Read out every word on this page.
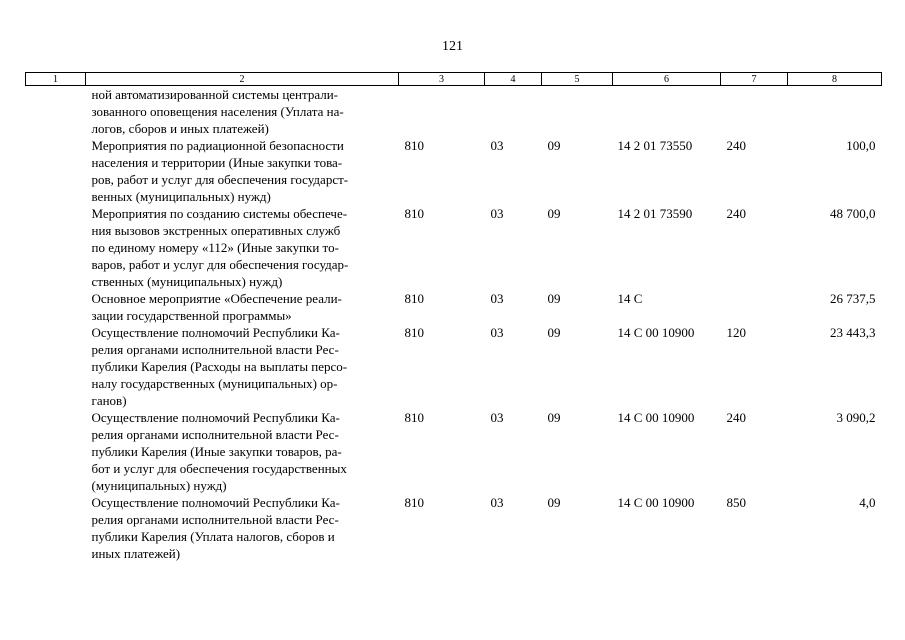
121
1	2	3	4	5	6	7	8

	ной автоматизированной системы централи-
зованного оповещения населения (Уплата на-
логов, сборов и иных платежей)						

	Мероприятия по радиационной безопасности
населения и территории (Иные закупки това-
ров, работ и услуг для обеспечения государст-
венных (муниципальных) нужд)	810	03	09	14 2 01 73550	240	100,0

	Мероприятия по созданию системы обеспече-
ния вызовов экстренных оперативных служб
по единому номеру «112» (Иные закупки то-
варов, работ и услуг для обеспечения государ-
ственных (муниципальных) нужд)	810	03	09	14 2 01 73590	240	48 700,0

	Основное мероприятие «Обеспечение реали-
зации государственной программы»	810	03	09	14 С		26 737,5

	Осуществление полномочий Республики Ка-
релия органами исполнительной власти Рес-
публики Карелия (Расходы на выплаты персо-
налу государственных (муниципальных) ор-
ганов)	810	03	09	14 С 00 10900	120	23 443,3

	Осуществление полномочий Республики Ка-
релия органами исполнительной власти Рес-
публики Карелия (Иные закупки товаров, ра-
бот и услуг для обеспечения государственных
(муниципальных) нужд)	810	03	09	14 С 00 10900	240	3 090,2

	Осуществление полномочий Республики Ка-
релия органами исполнительной власти Рес-
публики Карелия (Уплата налогов, сборов и
иных платежей)	810	03	09	14 С 00 10900	850	4,0
